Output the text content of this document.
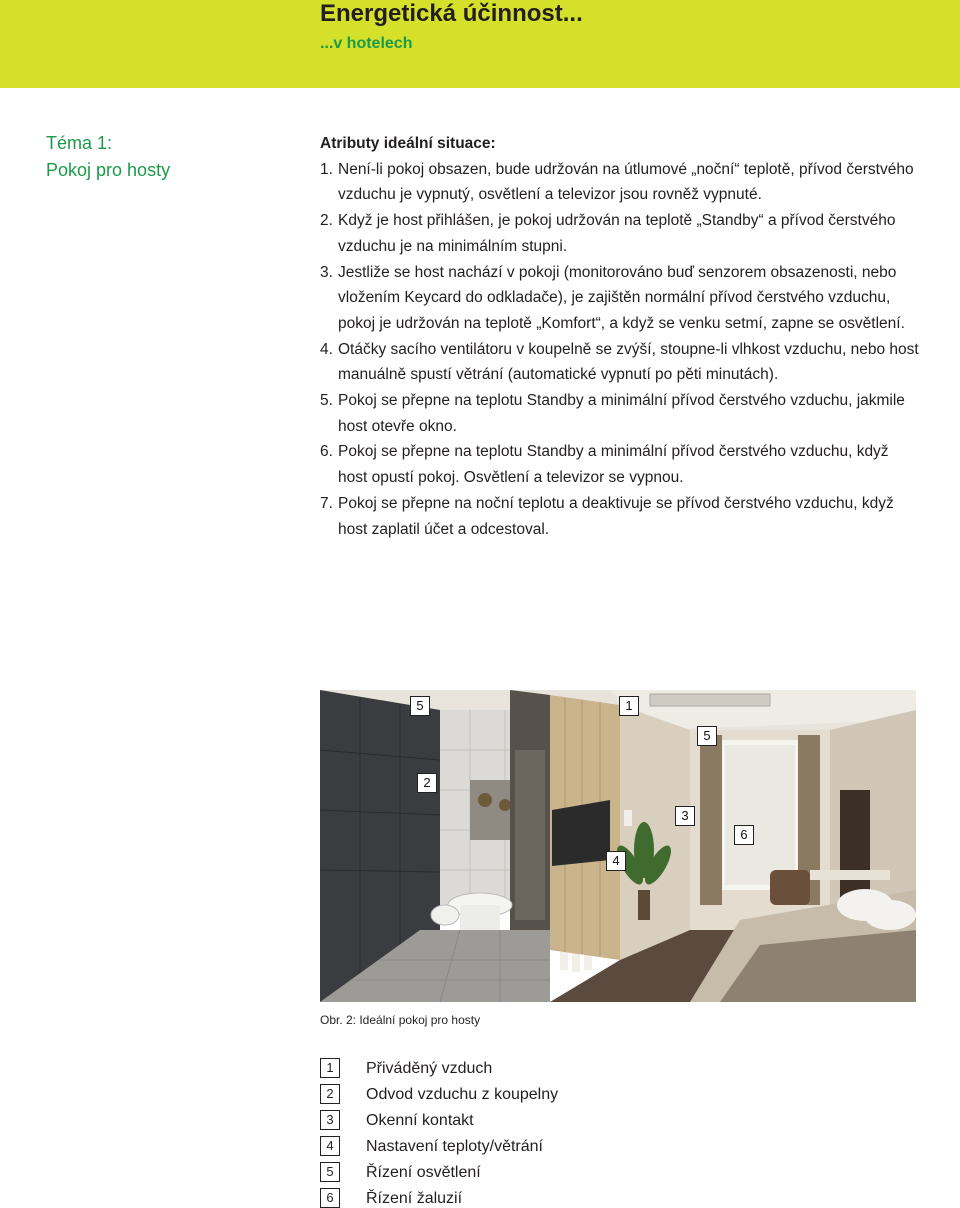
Energetická účinnost...
...v hotelech
Téma 1:
Pokoj pro hosty

Atributy ideální situace:

1. Není-li pokoj obsazen, bude udržován na útlumové „noční“ teplotě, přívod čerstvého vzduchu je vypnutý, osvětlení a televizor jsou rovněž vypnuté.
2. Když je host přihlášen, je pokoj udržován na teplotě „Standby“ a přívod čerstvého vzduchu je na minimálním stupni.
3. Jestliže se host nachází v pokoji (monitorováno buď senzorem obsazenosti, nebo vložením Keycard do odkladače), je zajištěn normální přívod čerstvého vzduchu, pokoj je udržován na teplotě „Komfort“, a když se venku setmí, zapne se osvětlení.
4. Otáčky sacího ventilátoru v koupelně se zvýší, stoupne-li vlhkost vzduchu, nebo host manuálně spustí větrání (automatické vypnutí po pěti minutách).
5. Pokoj se přepne na teplotu Standby a minimální přívod čerstvého vzduchu, jakmile host otevře okno.
6. Pokoj se přepne na teplotu Standby a minimální přívod čerstvého vzduchu, když host opustí pokoj. Osvětlení a televizor se vypnou.
7. Pokoj se přepne na noční teplotu a deaktivuje se přívod čerstvého vzduchu, když host zaplatil účet a odcestoval.
5	1
5
2
3
6
4
Obr. 2: Ideální pokoj pro hosty
1	Přiváděný vzduch
2	Odvod vzduchu z koupelny
3	Okenní kontakt
4	Nastavení teploty/větrání
5	Řízení osvětlení
6	Řízení žaluzií
